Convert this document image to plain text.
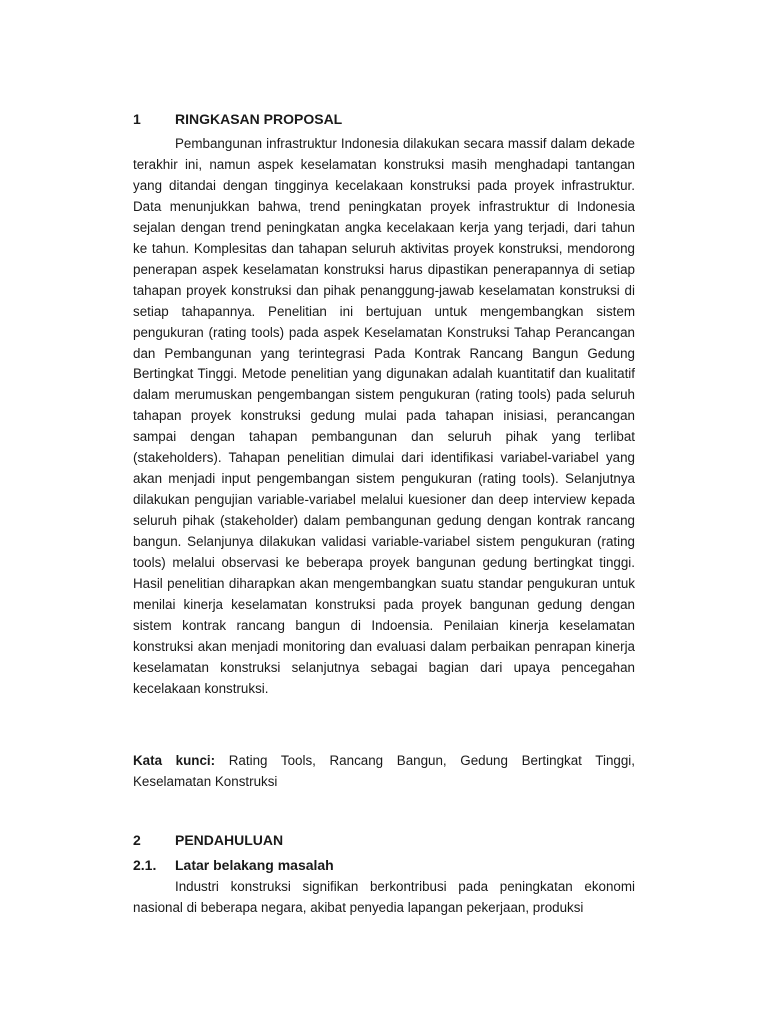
1 RINGKASAN PROPOSAL

Pembangunan infrastruktur Indonesia dilakukan secara massif dalam dekade terakhir ini, namun aspek keselamatan konstruksi masih menghadapi tantangan yang ditandai dengan tingginya kecelakaan konstruksi pada proyek infrastruktur. Data menunjukkan bahwa, trend peningkatan proyek infrastruktur di Indonesia sejalan dengan trend peningkatan angka kecelakaan kerja yang terjadi, dari tahun ke tahun. Komplesitas dan tahapan seluruh aktivitas proyek konstruksi, mendorong penerapan aspek keselamatan konstruksi harus dipastikan penerapannya di setiap tahapan proyek konstruksi dan pihak penanggung-jawab keselamatan konstruksi di setiap tahapannya. Penelitian ini bertujuan untuk mengembangkan sistem pengukuran (rating tools) pada aspek Keselamatan Konstruksi Tahap Perancangan dan Pembangunan yang terintegrasi Pada Kontrak Rancang Bangun Gedung Bertingkat Tinggi. Metode penelitian yang digunakan adalah kuantitatif dan kualitatif dalam merumuskan pengembangan sistem pengukuran (rating tools) pada seluruh tahapan proyek konstruksi gedung mulai pada tahapan inisiasi, perancangan sampai dengan tahapan pembangunan dan seluruh pihak yang terlibat (stakeholders). Tahapan penelitian dimulai dari identifikasi variabel-variabel yang akan menjadi input pengembangan sistem pengukuran (rating tools). Selanjutnya dilakukan pengujian variable-variabel melalui kuesioner dan deep interview kepada seluruh pihak (stakeholder) dalam pembangunan gedung dengan kontrak rancang bangun. Selanjunya dilakukan validasi variable-variabel sistem pengukuran (rating tools) melalui observasi ke beberapa proyek bangunan gedung bertingkat tinggi. Hasil penelitian diharapkan akan mengembangkan suatu standar pengukuran untuk menilai kinerja keselamatan konstruksi pada proyek bangunan gedung dengan sistem kontrak rancang bangun di Indoensia. Penilaian kinerja keselamatan konstruksi akan menjadi monitoring dan evaluasi dalam perbaikan penrapan kinerja keselamatan konstruksi selanjutnya sebagai bagian dari upaya pencegahan kecelakaan konstruksi.

Kata kunci: Rating Tools, Rancang Bangun, Gedung Bertingkat Tinggi, Keselamatan Konstruksi

2 PENDAHULUAN
2.1. Latar belakang masalah

Industri konstruksi signifikan berkontribusi pada peningkatan ekonomi nasional di beberapa negara, akibat penyedia lapangan pekerjaan, produksi
